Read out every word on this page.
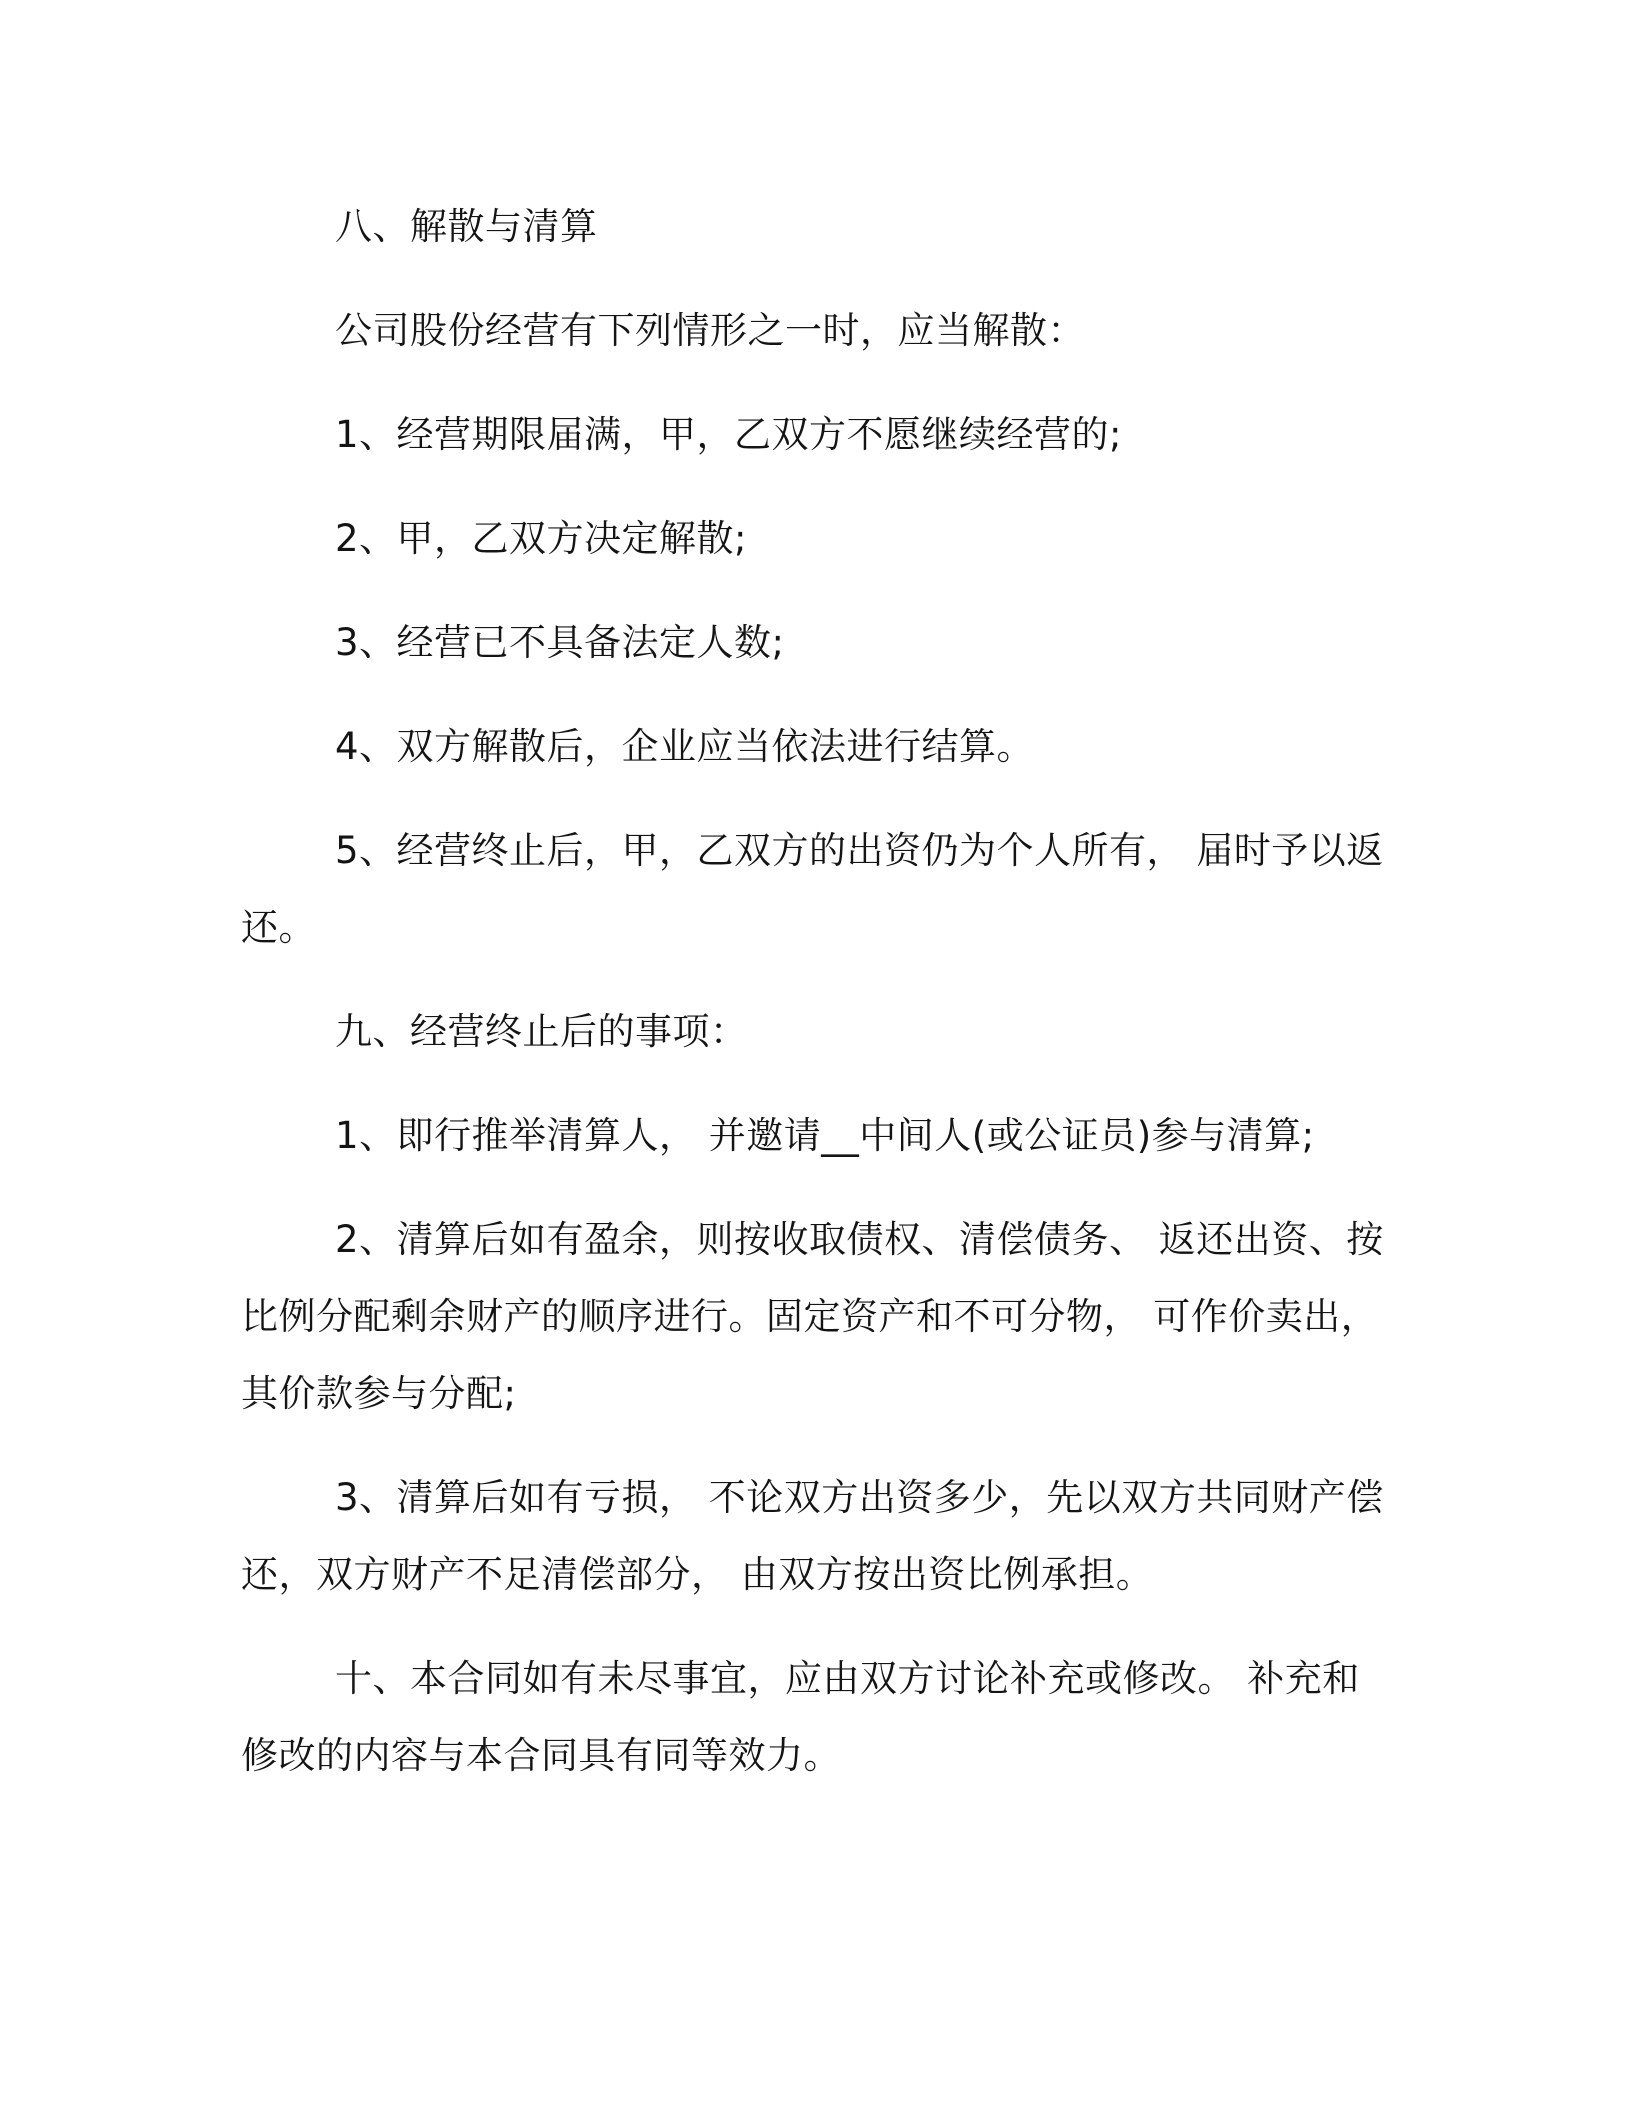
八、解散与清算

公司股份经营有下列情形之一时，应当解散：

1、经营期限届满，甲，乙双方不愿继续经营的;

2、甲，乙双方决定解散;

3、经营已不具备法定人数;

4、双方解散后，企业应当依法进行结算。

5、经营终止后，甲，乙双方的出资仍为个人所有， 届时予以返还。

九、经营终止后的事项：

1、即行推举清算人， 并邀请__中间人(或公证员)参与清算;

2、清算后如有盈余，则按收取债权、清偿债务、 返还出资、按比例分配剩余财产的顺序进行。固定资产和不可分物， 可作价卖出，其价款参与分配;

3、清算后如有亏损， 不论双方出资多少，先以双方共同财产偿还，双方财产不足清偿部分， 由双方按出资比例承担。

十、本合同如有未尽事宜，应由双方讨论补充或修改。 补充和修改的内容与本合同具有同等效力。
